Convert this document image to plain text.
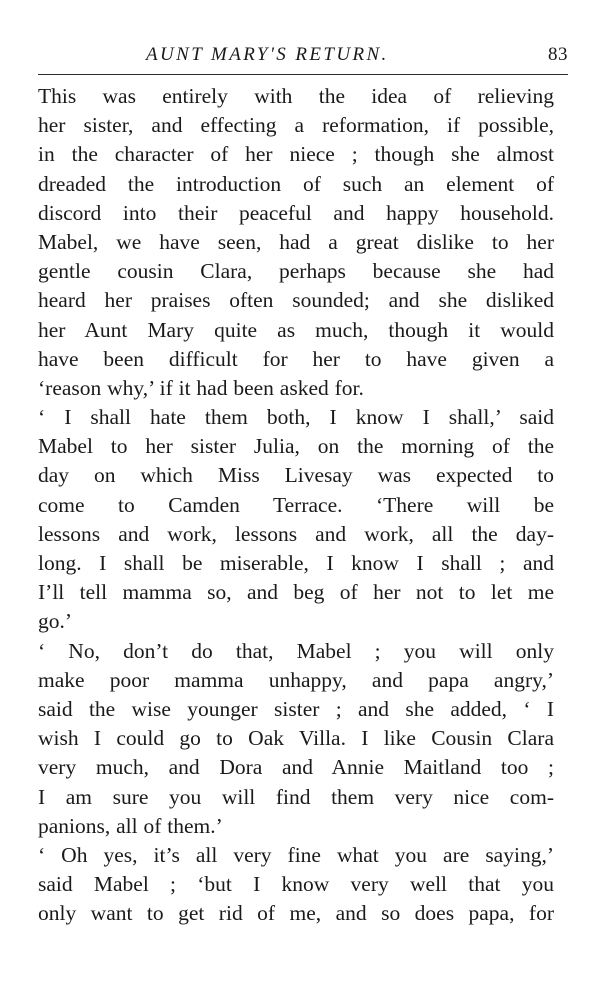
AUNT MARY'S RETURN.	83
This was entirely with the idea of relieving
her sister, and effecting a reformation, if possible,
in the character of her niece ; though she almost
dreaded the introduction of such an element of
discord into their peaceful and happy household.
Mabel, we have seen, had a great dislike to her
gentle cousin Clara, perhaps because she had
heard her praises often sounded; and she disliked
her Aunt Mary quite as much, though it would
have been difficult for her to have given a
‘reason why,’ if it had been asked for.
‘ I shall hate them both, I know I shall,’ said
Mabel to her sister Julia, on the morning of the
day on which Miss Livesay was expected to
come to Camden Terrace. ‘There will be
lessons and work, lessons and work, all the day-
long. I shall be miserable, I know I shall ; and
I’ll tell mamma so, and beg of her not to let me
go.’
‘ No, don’t do that, Mabel ; you will only
make poor mamma unhappy, and papa angry,’
said the wise younger sister ; and she added, ‘ I
wish I could go to Oak Villa. I like Cousin Clara
very much, and Dora and Annie Maitland too ;
I am sure you will find them very nice com-
panions, all of them.’
‘ Oh yes, it’s all very fine what you are saying,’
said Mabel ; ‘but I know very well that you
only want to get rid of me, and so does papa, for
